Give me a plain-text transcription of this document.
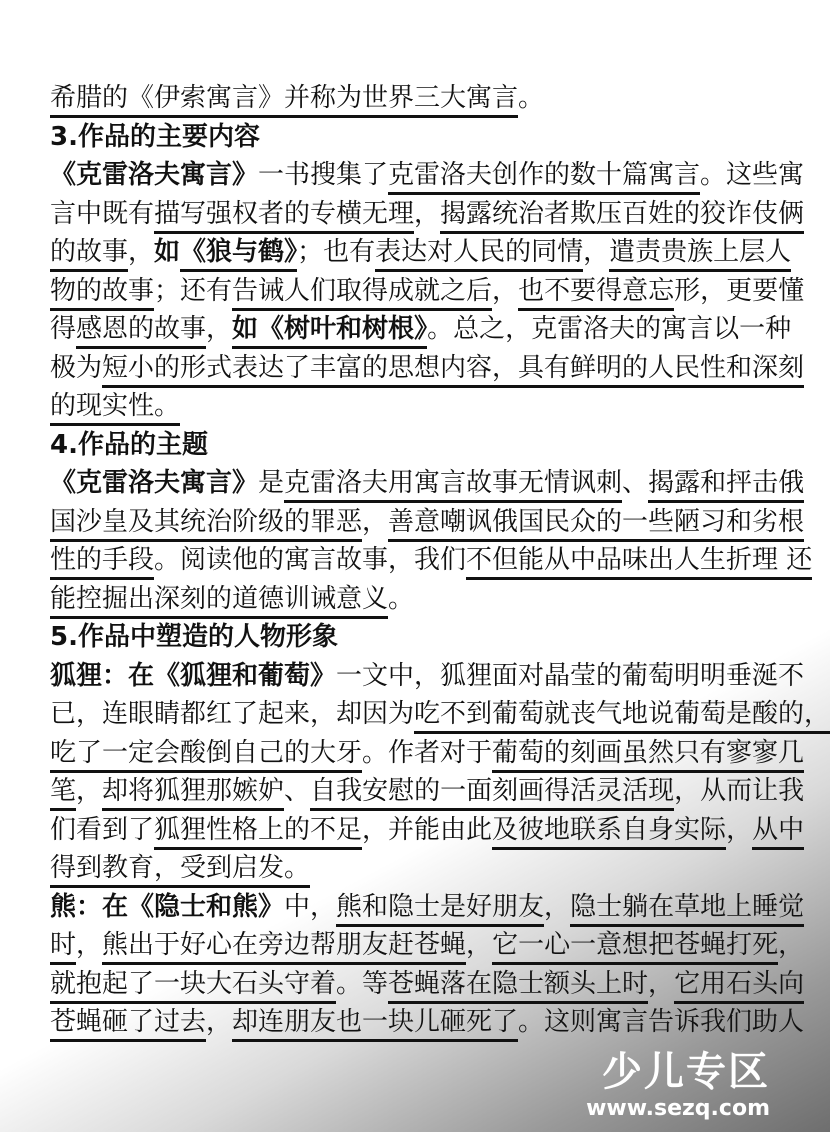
希腊的《伊索寓言》并称为世界三大寓言。
3.作品的主要内容
《克雷洛夫寓言》一书搜集了克雷洛夫创作的数十篇寓言。这些寓
言中既有描写强权者的专横无理，揭露统治者欺压百姓的狡诈伎俩
的故事，如《狼与鹤》；也有表达对人民的同情，遣责贵族上层人
物的故事；还有告诫人们取得成就之后，也不要得意忘形，更要懂
得感恩的故事，如《树叶和树根》。总之，克雷洛夫的寓言以一种
极为短小的形式表达了丰富的思想内容，具有鲜明的人民性和深刻
的现实性。
4.作品的主题
《克雷洛夫寓言》是克雷洛夫用寓言故事无情讽刺、揭露和抨击俄
国沙皇及其统治阶级的罪恶，善意嘲讽俄国民众的一些陋习和劣根
性的手段。阅读他的寓言故事，我们不但能从中品味出人生折理 还
能控掘出深刻的道德训诫意义。
5.作品中塑造的人物形象
狐狸：在《狐狸和葡萄》一文中，狐狸面对晶莹的葡萄明明垂涎不
已，连眼睛都红了起来，却因为吃不到葡萄就丧气地说葡萄是酸的，
吃了一定会酸倒自己的大牙。作者对于葡萄的刻画虽然只有寥寥几
笔，却将狐狸那嫉妒、自我安慰的一面刻画得活灵活现，从而让我
们看到了狐狸性格上的不足，并能由此及彼地联系自身实际，从中
得到教育，受到启发。
熊：在《隐士和熊》中，熊和隐士是好朋友，隐士躺在草地上睡觉
时，熊出于好心在旁边帮朋友赶苍蝇，它一心一意想把苍蝇打死，
就抱起了一块大石头守着。等苍蝇落在隐士额头上时，它用石头向
苍蝇砸了过去，却连朋友也一块儿砸死了。这则寓言告诉我们助人
少儿专区
www.sezq.com
